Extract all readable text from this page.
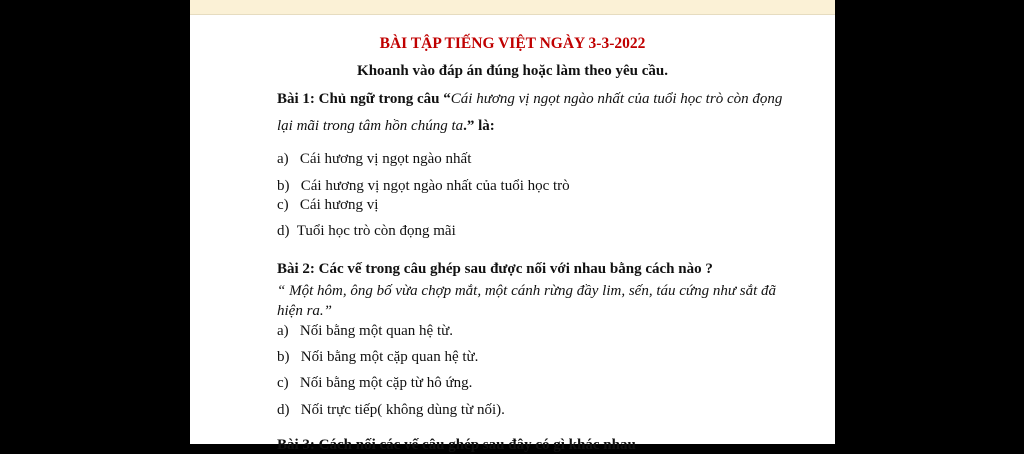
BÀI TẬP TIẾNG VIỆT NGÀY 3-3-2022
Khoanh vào đáp án đúng hoặc làm theo yêu cầu.
Bài 1: Chủ ngữ trong câu “Cái hương vị ngọt ngào nhất của tuổi học trò còn đọng
lại mãi trong tâm hồn chúng ta.” là:
a)   Cái hương vị ngọt ngào nhất
b)   Cái hương vị ngọt ngào nhất của tuổi học trò
c)   Cái hương vị
d)  Tuổi học trò còn đọng mãi
Bài 2: Các vế trong câu ghép sau được nối với nhau bằng cách nào ?
“ Một hôm, ông bố vừa chợp mắt, một cánh rừng đầy lim, sến, táu cứng như sắt đã
hiện ra.”
a)   Nối bằng một quan hệ từ.
b)   Nối bằng một cặp quan hệ từ.
c)   Nối bằng một cặp từ hô ứng.
d)   Nối trực tiếp( không dùng từ nối).
Bài 3: Cách nối các vế câu ghép sau đây có gì khác nhau
